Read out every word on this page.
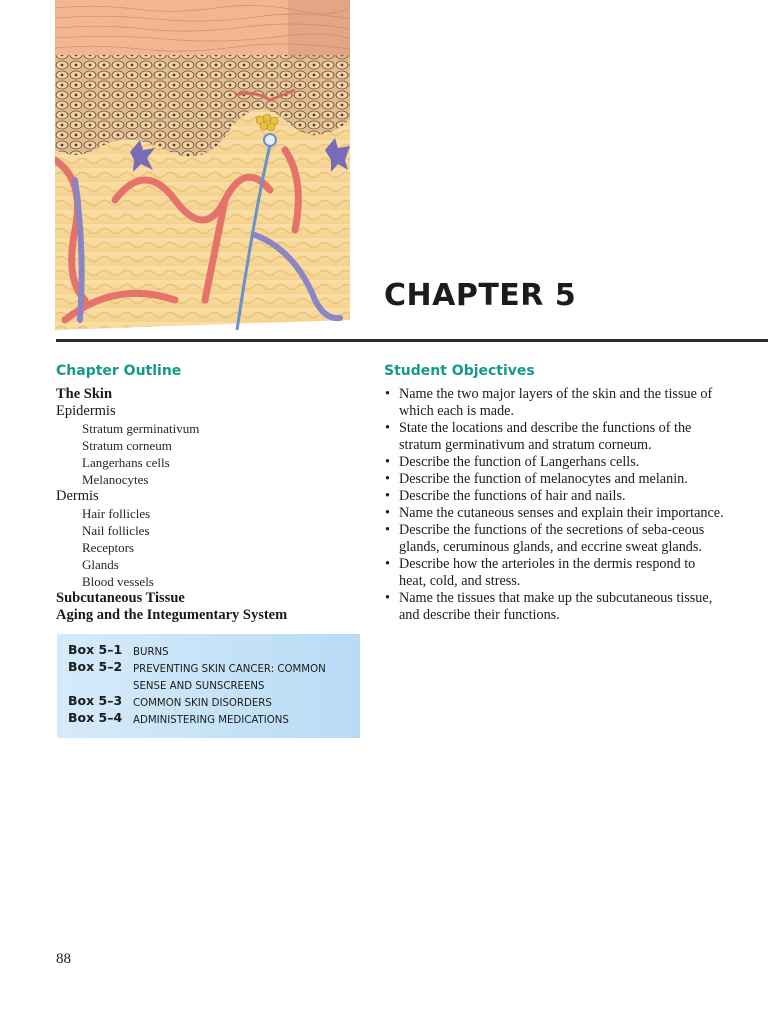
CHAPTER 5
Chapter Outline
The Skin
Epidermis
Stratum germinativum
Stratum corneum
Langerhans cells
Melanocytes
Dermis
Hair follicles
Nail follicles
Receptors
Glands
Blood vessels
Subcutaneous Tissue
Aging and the Integumentary System
Box 5–1 BURNS
Box 5–2 PREVENTING SKIN CANCER: COMMON SENSE AND SUNSCREENS
Box 5–3 COMMON SKIN DISORDERS
Box 5–4 ADMINISTERING MEDICATIONS
Student Objectives
• Name the two major layers of the skin and the tissue of which each is made.
• State the locations and describe the functions of the stratum germinativum and stratum corneum.
• Describe the function of Langerhans cells.
• Describe the function of melanocytes and melanin.
• Describe the functions of hair and nails.
• Name the cutaneous senses and explain their importance.
• Describe the functions of the secretions of seba-ceous glands, ceruminous glands, and eccrine sweat glands.
• Describe how the arterioles in the dermis respond to heat, cold, and stress.
• Name the tissues that make up the subcutaneous tissue, and describe their functions.
88
